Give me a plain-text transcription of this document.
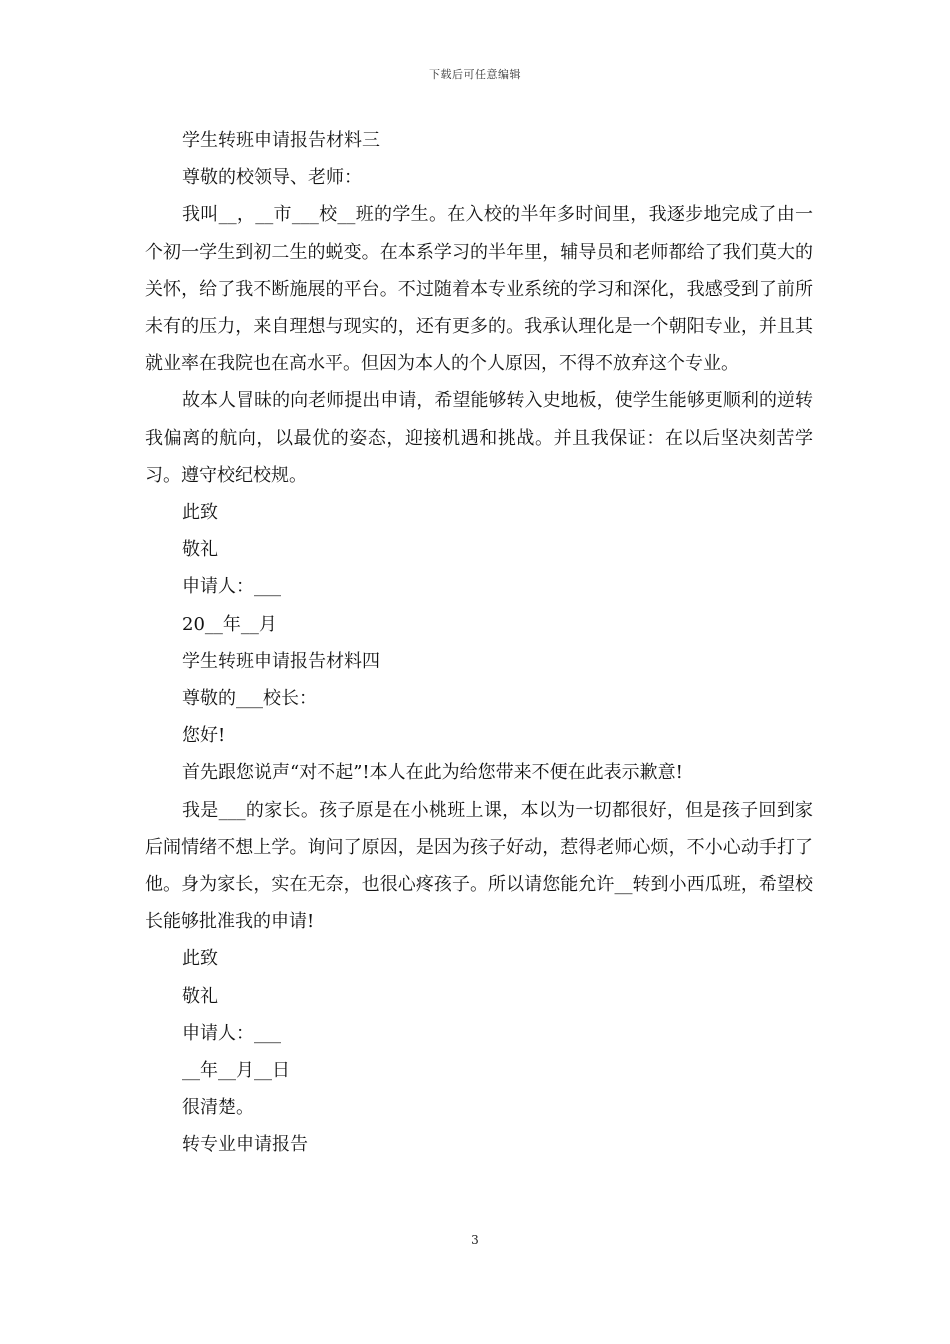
下载后可任意编辑

学生转班申请报告材料三

尊敬的校领导、老师：

我叫__，__市___校__班的学生。在入校的半年多时间里，我逐步地完成了由一个初一学生到初二生的蜕变。在本系学习的半年里，辅导员和老师都给了我们莫大的关怀，给了我不断施展的平台。不过随着本专业系统的学习和深化，我感受到了前所未有的压力，来自理想与现实的，还有更多的。我承认理化是一个朝阳专业，并且其就业率在我院也在高水平。但因为本人的个人原因，不得不放弃这个专业。

故本人冒昧的向老师提出申请，希望能够转入史地板，使学生能够更顺利的逆转我偏离的航向，以最优的姿态，迎接机遇和挑战。并且我保证：在以后坚决刻苦学习。遵守校纪校规。

此致

敬礼

申请人：___

20__年__月

学生转班申请报告材料四

尊敬的___校长：

您好!

首先跟您说声“对不起”!本人在此为给您带来不便在此表示歉意!

我是___的家长。孩子原是在小桃班上课，本以为一切都很好，但是孩子回到家后闹情绪不想上学。询问了原因，是因为孩子好动，惹得老师心烦，不小心动手打了他。身为家长，实在无奈，也很心疼孩子。所以请您能允许__转到小西瓜班，希望校长能够批准我的申请!

此致

敬礼

申请人：___

__年__月__日

很清楚。

转专业申请报告

3
